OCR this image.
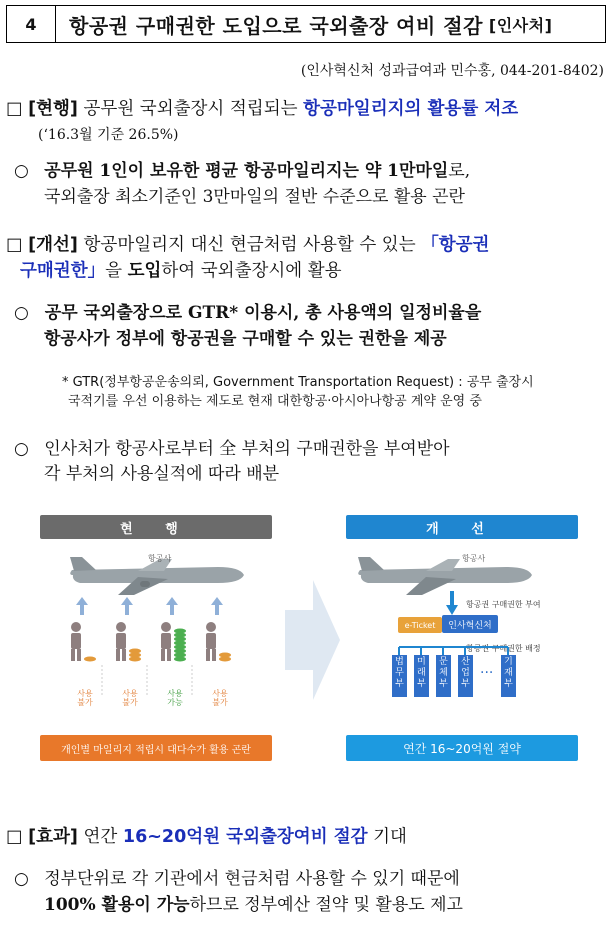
4	항공권 구매권한 도입으로 국외출장 여비 절감 [인사처]
(인사혁신처 성과급여과 민수홍, 044-201-8402)
□ [현행] 공무원 국외출장시 적립되는 항공마일리지의 활용률 저조
(‘16.3월 기준 26.5%)
○ 공무원 1인이 보유한 평균 항공마일리지는 약 1만마일로,
국외출장 최소기준인 3만마일의 절반 수준으로 활용 곤란
□ [개선] 항공마일리지 대신 현금처럼 사용할 수 있는 「항공권
구매권한」을 도입하여 국외출장시에 활용
○ 공무 국외출장으로 GTR* 이용시, 총 사용액의 일정비율을
항공사가 정부에 항공권을 구매할 수 있는 권한을 제공
* GTR(정부항공운송의뢰, Government Transportation Request) : 공무 출장시
국적기를 우선 이용하는 제도로 현재 대한항공·아시아나항공 계약 운영 중
○ 인사처가 항공사로부터 全 부처의 구매권한을 부여받아
각 부처의 사용실적에 따라 배분
현 행
항공사
사용
불가
사용
불가
사용
가능
사용
불가
개인별 마일리지 적립시 대다수가 활용 곤란
개 선
항공사
항공권 구매권한 부여
e-Ticket	인사혁신처
항공권 구매권한 배정
법
무
부
미
래
부
문
체
부
산
업
부
···
기
재
부
연간 16~20억원 절약
□ [효과] 연간 16~20억원 국외출장여비 절감 기대
○ 정부단위로 각 기관에서 현금처럼 사용할 수 있기 때문에
100% 활용이 가능하므로 정부예산 절약 및 활용도 제고
